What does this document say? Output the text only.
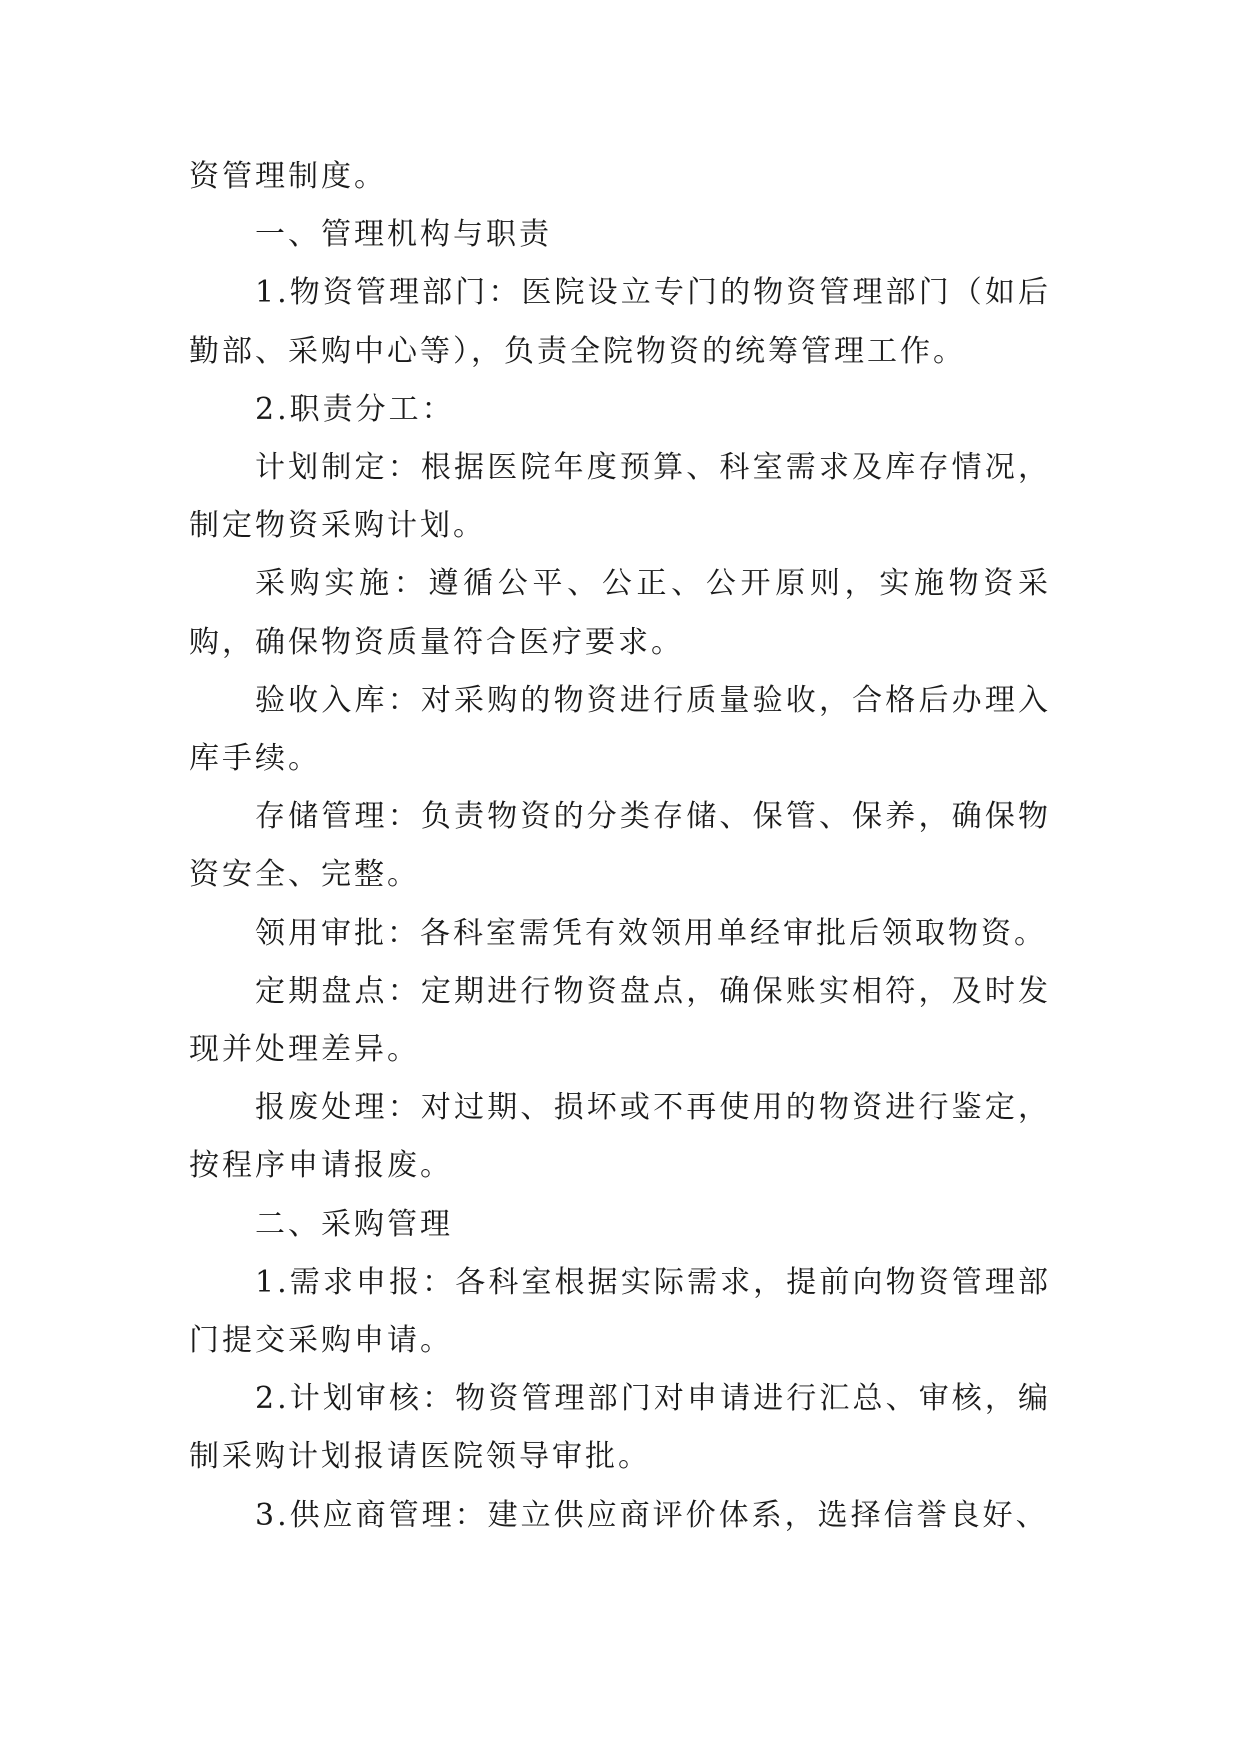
资管理制度。

一、管理机构与职责

1.物资管理部门：医院设立专门的物资管理部门（如后勤部、采购中心等），负责全院物资的统筹管理工作。

2.职责分工：

计划制定：根据医院年度预算、科室需求及库存情况，制定物资采购计划。

采购实施：遵循公平、公正、公开原则，实施物资采购，确保物资质量符合医疗要求。

验收入库：对采购的物资进行质量验收，合格后办理入库手续。

存储管理：负责物资的分类存储、保管、保养，确保物资安全、完整。

领用审批：各科室需凭有效领用单经审批后领取物资。

定期盘点：定期进行物资盘点，确保账实相符，及时发现并处理差异。

报废处理：对过期、损坏或不再使用的物资进行鉴定，按程序申请报废。

二、采购管理

1.需求申报：各科室根据实际需求，提前向物资管理部门提交采购申请。

2.计划审核：物资管理部门对申请进行汇总、审核，编制采购计划报请医院领导审批。

3.供应商管理：建立供应商评价体系，选择信誉良好、
